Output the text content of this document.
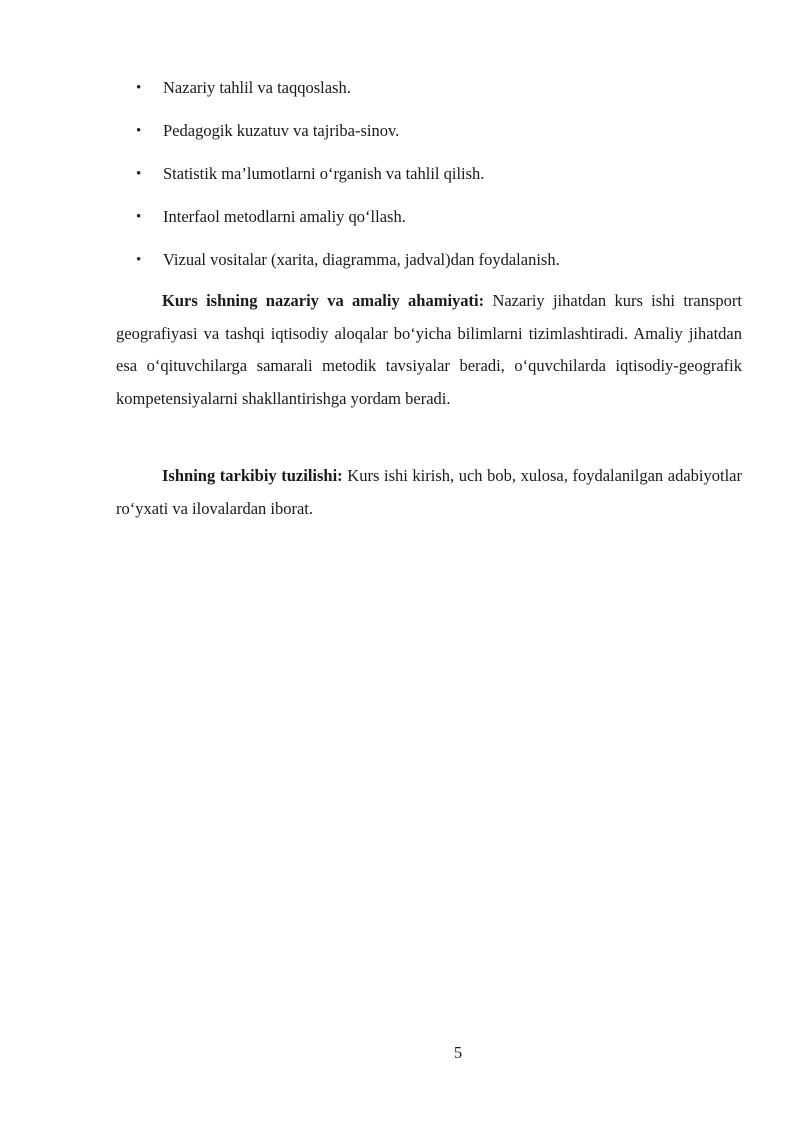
• Nazariy tahlil va taqqoslash.
• Pedagogik kuzatuv va tajriba-sinov.
• Statistik ma’lumotlarni o‘rganish va tahlil qilish.
• Interfaol metodlarni amaliy qo‘llash.
• Vizual vositalar (xarita, diagramma, jadval)dan foydalanish.

Kurs ishning nazariy va amaliy ahamiyati: Nazariy jihatdan kurs ishi transport geografiyasi va tashqi iqtisodiy aloqalar bo‘yicha bilimlarni tizimlashtiradi. Amaliy jihatdan esa o‘qituvchilarga samarali metodik tavsiyalar beradi, o‘quvchilarda iqtisodiy-geografik kompetensiyalarni shakllantirishga yordam beradi.

Ishning tarkibiy tuzilishi: Kurs ishi kirish, uch bob, xulosa, foydalanilgan adabiyotlar ro‘yxati va ilovalardan iborat.

5
